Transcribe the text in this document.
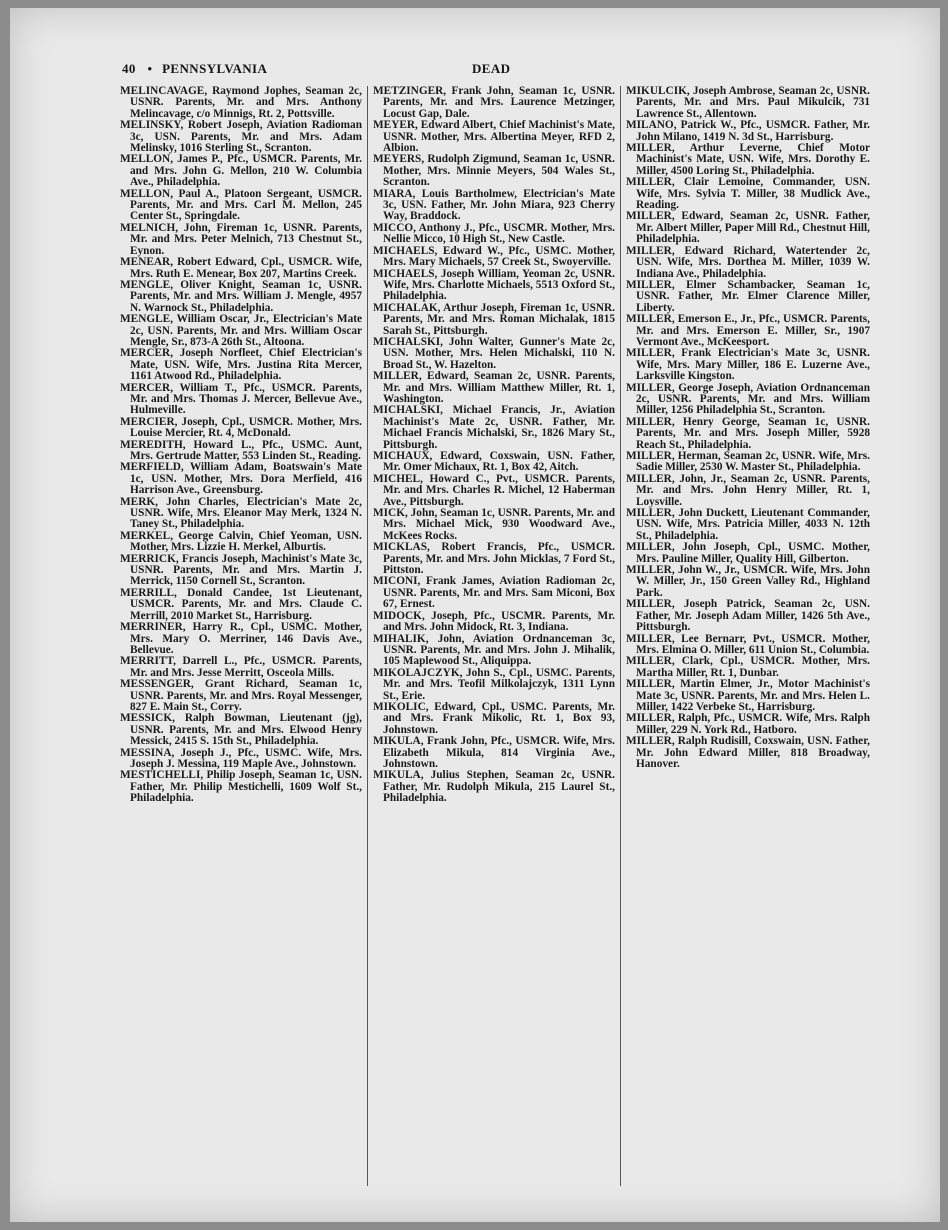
40 • PENNSYLVANIA	DEAD

MELINCAVAGE, Raymond Jophes, Seaman 2c, USNR. Parents, Mr. and Mrs. Anthony Melincavage, c/o Minnigs, Rt. 2, Pottsville.

MELINSKY, Robert Joseph, Aviation Radioman 3c, USN. Parents, Mr. and Mrs. Adam Melinsky, 1016 Sterling St., Scranton.

MELLON, James P., Pfc., USMCR. Parents, Mr. and Mrs. John G. Mellon, 210 W. Columbia Ave., Philadelphia.

MELLON, Paul A., Platoon Sergeant, USMCR. Parents, Mr. and Mrs. Carl M. Mellon, 245 Center St., Springdale.

MELNICH, John, Fireman 1c, USNR. Parents, Mr. and Mrs. Peter Melnich, 713 Chestnut St., Eynon.

MENEAR, Robert Edward, Cpl., USMCR. Wife, Mrs. Ruth E. Menear, Box 207, Martins Creek.

MENGLE, Oliver Knight, Seaman 1c, USNR. Parents, Mr. and Mrs. William J. Mengle, 4957 N. Warnock St., Philadelphia.

MENGLE, William Oscar, Jr., Electrician's Mate 2c, USN. Parents, Mr. and Mrs. William Oscar Mengle, Sr., 873-A 26th St., Altoona.

MERCER, Joseph Norfleet, Chief Electrician's Mate, USN. Wife, Mrs. Justina Rita Mercer, 1161 Atwood Rd., Philadelphia.

MERCER, William T., Pfc., USMCR. Parents, Mr. and Mrs. Thomas J. Mercer, Bellevue Ave., Hulmeville.

MERCIER, Joseph, Cpl., USMCR. Mother, Mrs. Louise Mercier, Rt. 4, McDonald.

MEREDITH, Howard L., Pfc., USMC. Aunt, Mrs. Gertrude Matter, 553 Linden St., Reading.

MERFIELD, William Adam, Boatswain's Mate 1c, USN. Mother, Mrs. Dora Merfield, 416 Harrison Ave., Greensburg.

MERK, John Charles, Electrician's Mate 2c, USNR. Wife, Mrs. Eleanor May Merk, 1324 N. Taney St., Philadelphia.

MERKEL, George Calvin, Chief Yeoman, USN. Mother, Mrs. Lizzie H. Merkel, Alburtis.

MERRICK, Francis Joseph, Machinist's Mate 3c, USNR. Parents, Mr. and Mrs. Martin J. Merrick, 1150 Cornell St., Scranton.

MERRILL, Donald Candee, 1st Lieutenant, USMCR. Parents, Mr. and Mrs. Claude C. Merrill, 2010 Market St., Harrisburg.

MERRINER, Harry R., Cpl., USMC. Mother, Mrs. Mary O. Merriner, 146 Davis Ave., Bellevue.

MERRITT, Darrell L., Pfc., USMCR. Parents, Mr. and Mrs. Jesse Merritt, Osceola Mills.

MESSENGER, Grant Richard, Seaman 1c, USNR. Parents, Mr. and Mrs. Royal Messenger, 827 E. Main St., Corry.

MESSICK, Ralph Bowman, Lieutenant (jg), USNR. Parents, Mr. and Mrs. Elwood Henry Messick, 2415 S. 15th St., Philadelphia.

MESSINA, Joseph J., Pfc., USMC. Wife, Mrs. Joseph J. Messina, 119 Maple Ave., Johnstown.

MESTICHELLI, Philip Joseph, Seaman 1c, USN. Father, Mr. Philip Mestichelli, 1609 Wolf St., Philadelphia.

METZINGER, Frank John, Seaman 1c, USNR. Parents, Mr. and Mrs. Laurence Metzinger, Locust Gap, Dale.

MEYER, Edward Albert, Chief Machinist's Mate, USNR. Mother, Mrs. Albertina Meyer, RFD 2, Albion.

MEYERS, Rudolph Zigmund, Seaman 1c, USNR. Mother, Mrs. Minnie Meyers, 504 Wales St., Scranton.

MIARA, Louis Bartholmew, Electrician's Mate 3c, USN. Father, Mr. John Miara, 923 Cherry Way, Braddock.

MICCO, Anthony J., Pfc., USCMR. Mother, Mrs. Nellie Micco, 10 High St., New Castle.

MICHAELS, Edward W., Pfc., USMC. Mother, Mrs. Mary Michaels, 57 Creek St., Swoyerville.

MICHAELS, Joseph William, Yeoman 2c, USNR. Wife, Mrs. Charlotte Michaels, 5513 Oxford St., Philadelphia.

MICHALAK, Arthur Joseph, Fireman 1c, USNR. Parents, Mr. and Mrs. Roman Michalak, 1815 Sarah St., Pittsburgh.

MICHALSKI, John Walter, Gunner's Mate 2c, USN. Mother, Mrs. Helen Michalski, 110 N. Broad St., W. Hazelton.

MILLER, Edward, Seaman 2c, USNR. Parents, Mr. and Mrs. William Matthew Miller, Rt. 1, Washington.

MICHALSKI, Michael Francis, Jr., Aviation Machinist's Mate 2c, USNR. Father, Mr. Michael Francis Michalski, Sr., 1826 Mary St., Pittsburgh.

MICHAUX, Edward, Coxswain, USN. Father, Mr. Omer Michaux, Rt. 1, Box 42, Aitch.

MICHEL, Howard C., Pvt., USMCR. Parents, Mr. and Mrs. Charles R. Michel, 12 Haberman Ave., Pittsburgh.

MICK, John, Seaman 1c, USNR. Parents, Mr. and Mrs. Michael Mick, 930 Woodward Ave., McKees Rocks.

MICKLAS, Robert Francis, Pfc., USMCR. Parents, Mr. and Mrs. John Micklas, 7 Ford St., Pittston.

MICONI, Frank James, Aviation Radioman 2c, USNR. Parents, Mr. and Mrs. Sam Miconi, Box 67, Ernest.

MIDOCK, Joseph, Pfc., USCMR. Parents, Mr. and Mrs. John Midock, Rt. 3, Indiana.

MIHALIK, John, Aviation Ordnanceman 3c, USNR. Parents, Mr. and Mrs. John J. Mihalik, 105 Maplewood St., Aliquippa.

MIKOLAJCZYK, John S., Cpl., USMC. Parents, Mr. and Mrs. Teofil Milkolajczyk, 1311 Lynn St., Erie.

MIKOLIC, Edward, Cpl., USMC. Parents, Mr. and Mrs. Frank Mikolic, Rt. 1, Box 93, Johnstown.

MIKULA, Frank John, Pfc., USMCR. Wife, Mrs. Elizabeth Mikula, 814 Virginia Ave., Johnstown.

MIKULA, Julius Stephen, Seaman 2c, USNR. Father, Mr. Rudolph Mikula, 215 Laurel St., Philadelphia.

MIKULCIK, Joseph Ambrose, Seaman 2c, USNR. Parents, Mr. and Mrs. Paul Mikulcik, 731 Lawrence St., Allentown.

MILANO, Patrick W., Pfc., USMCR. Father, Mr. John Milano, 1419 N. 3d St., Harrisburg.

MILLER, Arthur Leverne, Chief Motor Machinist's Mate, USN. Wife, Mrs. Dorothy E. Miller, 4500 Loring St., Philadelphia.

MILLER, Clair Lemoine, Commander, USN. Wife, Mrs. Sylvia T. Miller, 38 Mudlick Ave., Reading.

MILLER, Edward, Seaman 2c, USNR. Father, Mr. Albert Miller, Paper Mill Rd., Chestnut Hill, Philadelphia.

MILLER, Edward Richard, Watertender 2c, USN. Wife, Mrs. Dorthea M. Miller, 1039 W. Indiana Ave., Philadelphia.

MILLER, Elmer Schambacker, Seaman 1c, USNR. Father, Mr. Elmer Clarence Miller, Liberty.

MILLER, Emerson E., Jr., Pfc., USMCR. Parents, Mr. and Mrs. Emerson E. Miller, Sr., 1907 Vermont Ave., McKeesport.

MILLER, Frank Electrician's Mate 3c, USNR. Wife, Mrs. Mary Miller, 186 E. Luzerne Ave., Larksville Kingston.

MILLER, George Joseph, Aviation Ordnanceman 2c, USNR. Parents, Mr. and Mrs. William Miller, 1256 Philadelphia St., Scranton.

MILLER, Henry George, Seaman 1c, USNR. Parents, Mr. and Mrs. Joseph Miller, 5928 Reach St., Philadelphia.

MILLER, Herman, Seaman 2c, USNR. Wife, Mrs. Sadie Miller, 2530 W. Master St., Philadelphia.

MILLER, John, Jr., Seaman 2c, USNR. Parents, Mr. and Mrs. John Henry Miller, Rt. 1, Loysville.

MILLER, John Duckett, Lieutenant Commander, USN. Wife, Mrs. Patricia Miller, 4033 N. 12th St., Philadelphia.

MILLER, John Joseph, Cpl., USMC. Mother, Mrs. Pauline Miller, Quality Hill, Gilberton.

MILLER, John W., Jr., USMCR. Wife, Mrs. John W. Miller, Jr., 150 Green Valley Rd., Highland Park.

MILLER, Joseph Patrick, Seaman 2c, USN. Father, Mr. Joseph Adam Miller, 1426 5th Ave., Pittsburgh.

MILLER, Lee Bernarr, Pvt., USMCR. Mother, Mrs. Elmina O. Miller, 611 Union St., Columbia.

MILLER, Clark, Cpl., USMCR. Mother, Mrs. Martha Miller, Rt. 1, Dunbar.

MILLER, Martin Elmer, Jr., Motor Machinist's Mate 3c, USNR. Parents, Mr. and Mrs. Helen L. Miller, 1422 Verbeke St., Harrisburg.

MILLER, Ralph, Pfc., USMCR. Wife, Mrs. Ralph Miller, 229 N. York Rd., Hatboro.

MILLER, Ralph Rudisill, Coxswain, USN. Father, Mr. John Edward Miller, 818 Broadway, Hanover.
